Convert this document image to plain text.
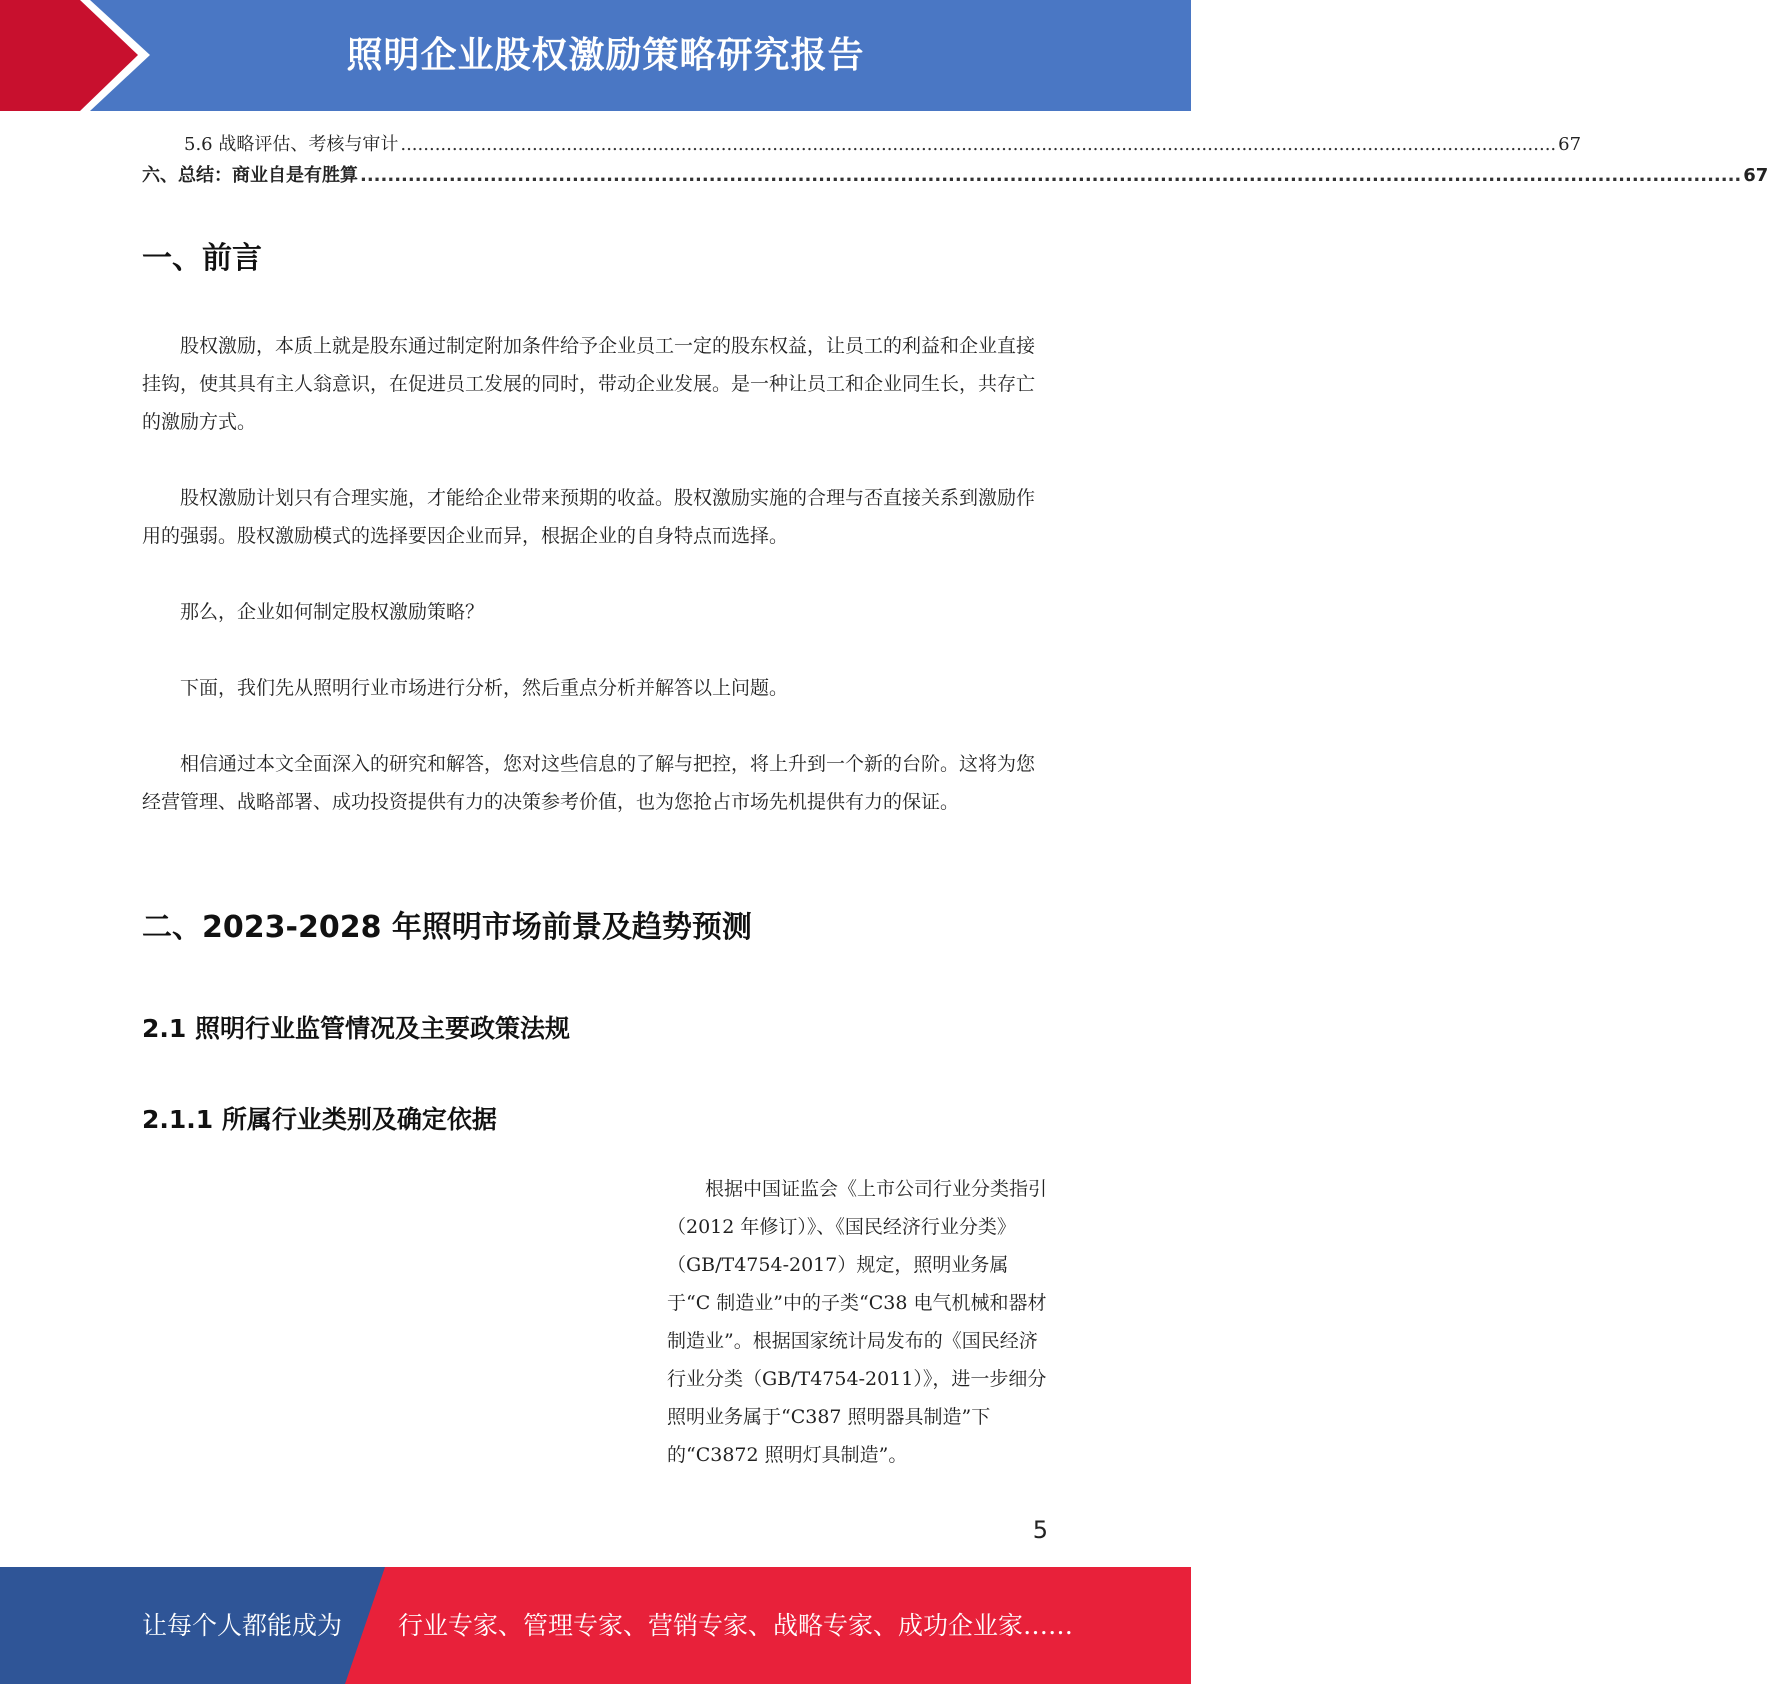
照明企业股权激励策略研究报告
5.6 战略评估、考核与审计 .......................................................................................................................................................................................................... 67
六、总结：商业自是有胜算 .......................................................................................................................................................................................................... 67
一、前言

股权激励，本质上就是股东通过制定附加条件给予企业员工一定的股东权益，让员工的利益和企业直接挂钩，使其具有主人翁意识，在促进员工发展的同时，带动企业发展。是一种让员工和企业同生长，共存亡的激励方式。

股权激励计划只有合理实施，才能给企业带来预期的收益。股权激励实施的合理与否直接关系到激励作用的强弱。股权激励模式的选择要因企业而异，根据企业的自身特点而选择。

那么，企业如何制定股权激励策略？

下面，我们先从照明行业市场进行分析，然后重点分析并解答以上问题。

相信通过本文全面深入的研究和解答，您对这些信息的了解与把控，将上升到一个新的台阶。这将为您经营管理、战略部署、成功投资提供有力的决策参考价值，也为您抢占市场先机提供有力的保证。

二、2023-2028 年照明市场前景及趋势预测
2.1 照明行业监管情况及主要政策法规
2.1.1 所属行业类别及确定依据

根据中国证监会《上市公司行业分类指引（2012 年修订）》、《国民经济行业分类》（GB/T4754-2017）规定，照明业务属于“C 制造业”中的子类“C38 电气机械和器材制造业”。根据国家统计局发布的《国民经济行业分类（GB/T4754-2011）》，进一步细分照明业务属于“C387 照明器具制造”下的“C3872 照明灯具制造”。

5
让每个人都能成为 行业专家、管理专家、营销专家、战略专家、成功企业家……
